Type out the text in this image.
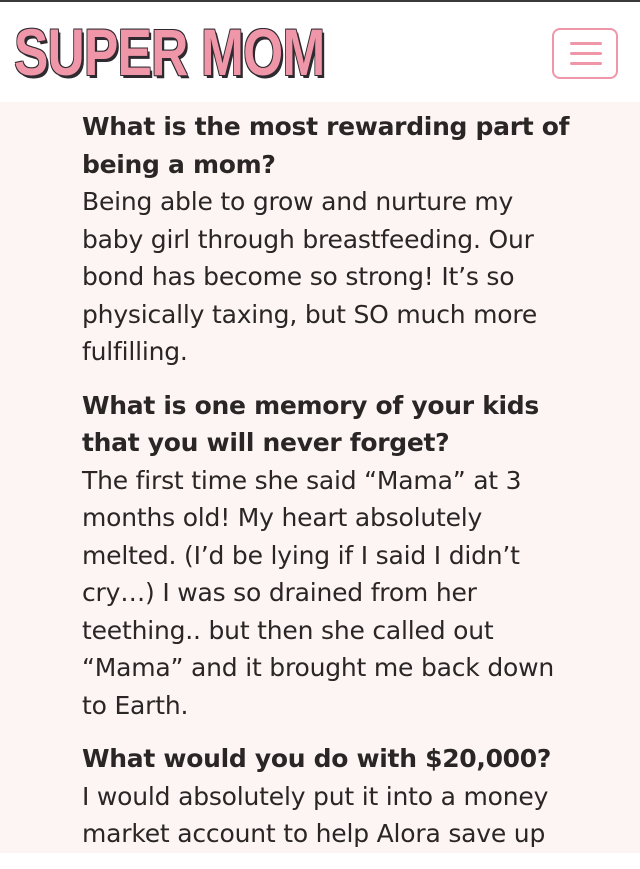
SUPER MOM
What is the most rewarding part of being a mom?
Being able to grow and nurture my baby girl through breastfeeding. Our bond has become so strong! It’s so physically taxing, but SO much more fulfilling.
What is one memory of your kids that you will never forget?
The first time she said “Mama” at 3 months old! My heart absolutely melted. (I’d be lying if I said I didn’t cry…) I was so drained from her teething.. but then she called out “Mama” and it brought me back down to Earth.
What would you do with $20,000?
I would absolutely put it into a money market account to help Alora save up
